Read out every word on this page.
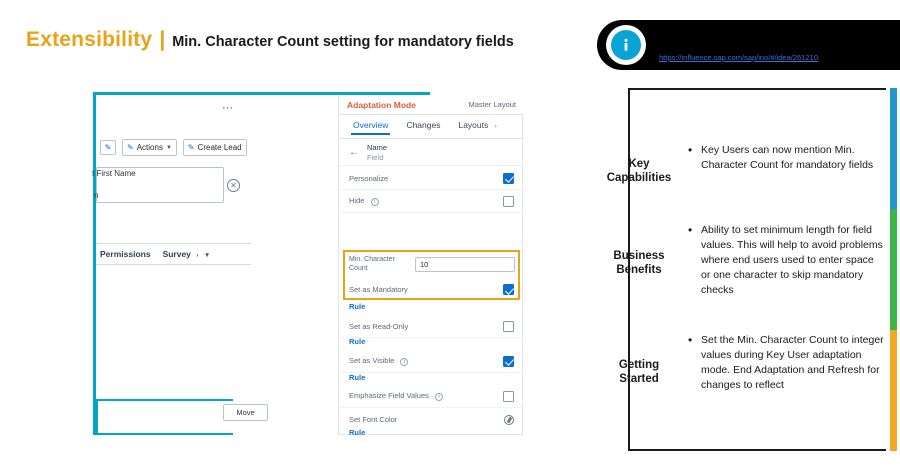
Extensibility | Min. Character Count setting for mandatory fields
https://influence.sap.com/sap/ino/#/idea/261210
⋯
✎ ✎ Actions ▼ ✎ Create Lead
t First Name
✕
n
Permissions Survey › ▼
Adaptation Mode	Master Layout
Overview Changes Layouts ›
← Name
Field
Personalize
Hide i
Min. Character Count	10
Set as Mandatory
Rule
Set as Read-Only
Rule
Set as Visible i
Rule
Emphasize Field Values i
Set Font Color
Rule
Move
Key
Capabilities
Business
Benefits
Getting
Started
• Key Users can now mention Min. Character Count for mandatory fields
• Ability to set minimum length for field values. This will help to avoid problems where end users used to enter space or one character to skip mandatory checks
• Set the Min. Character Count to integer values during Key User adaptation mode. End Adaptation and Refresh for changes to reflect
